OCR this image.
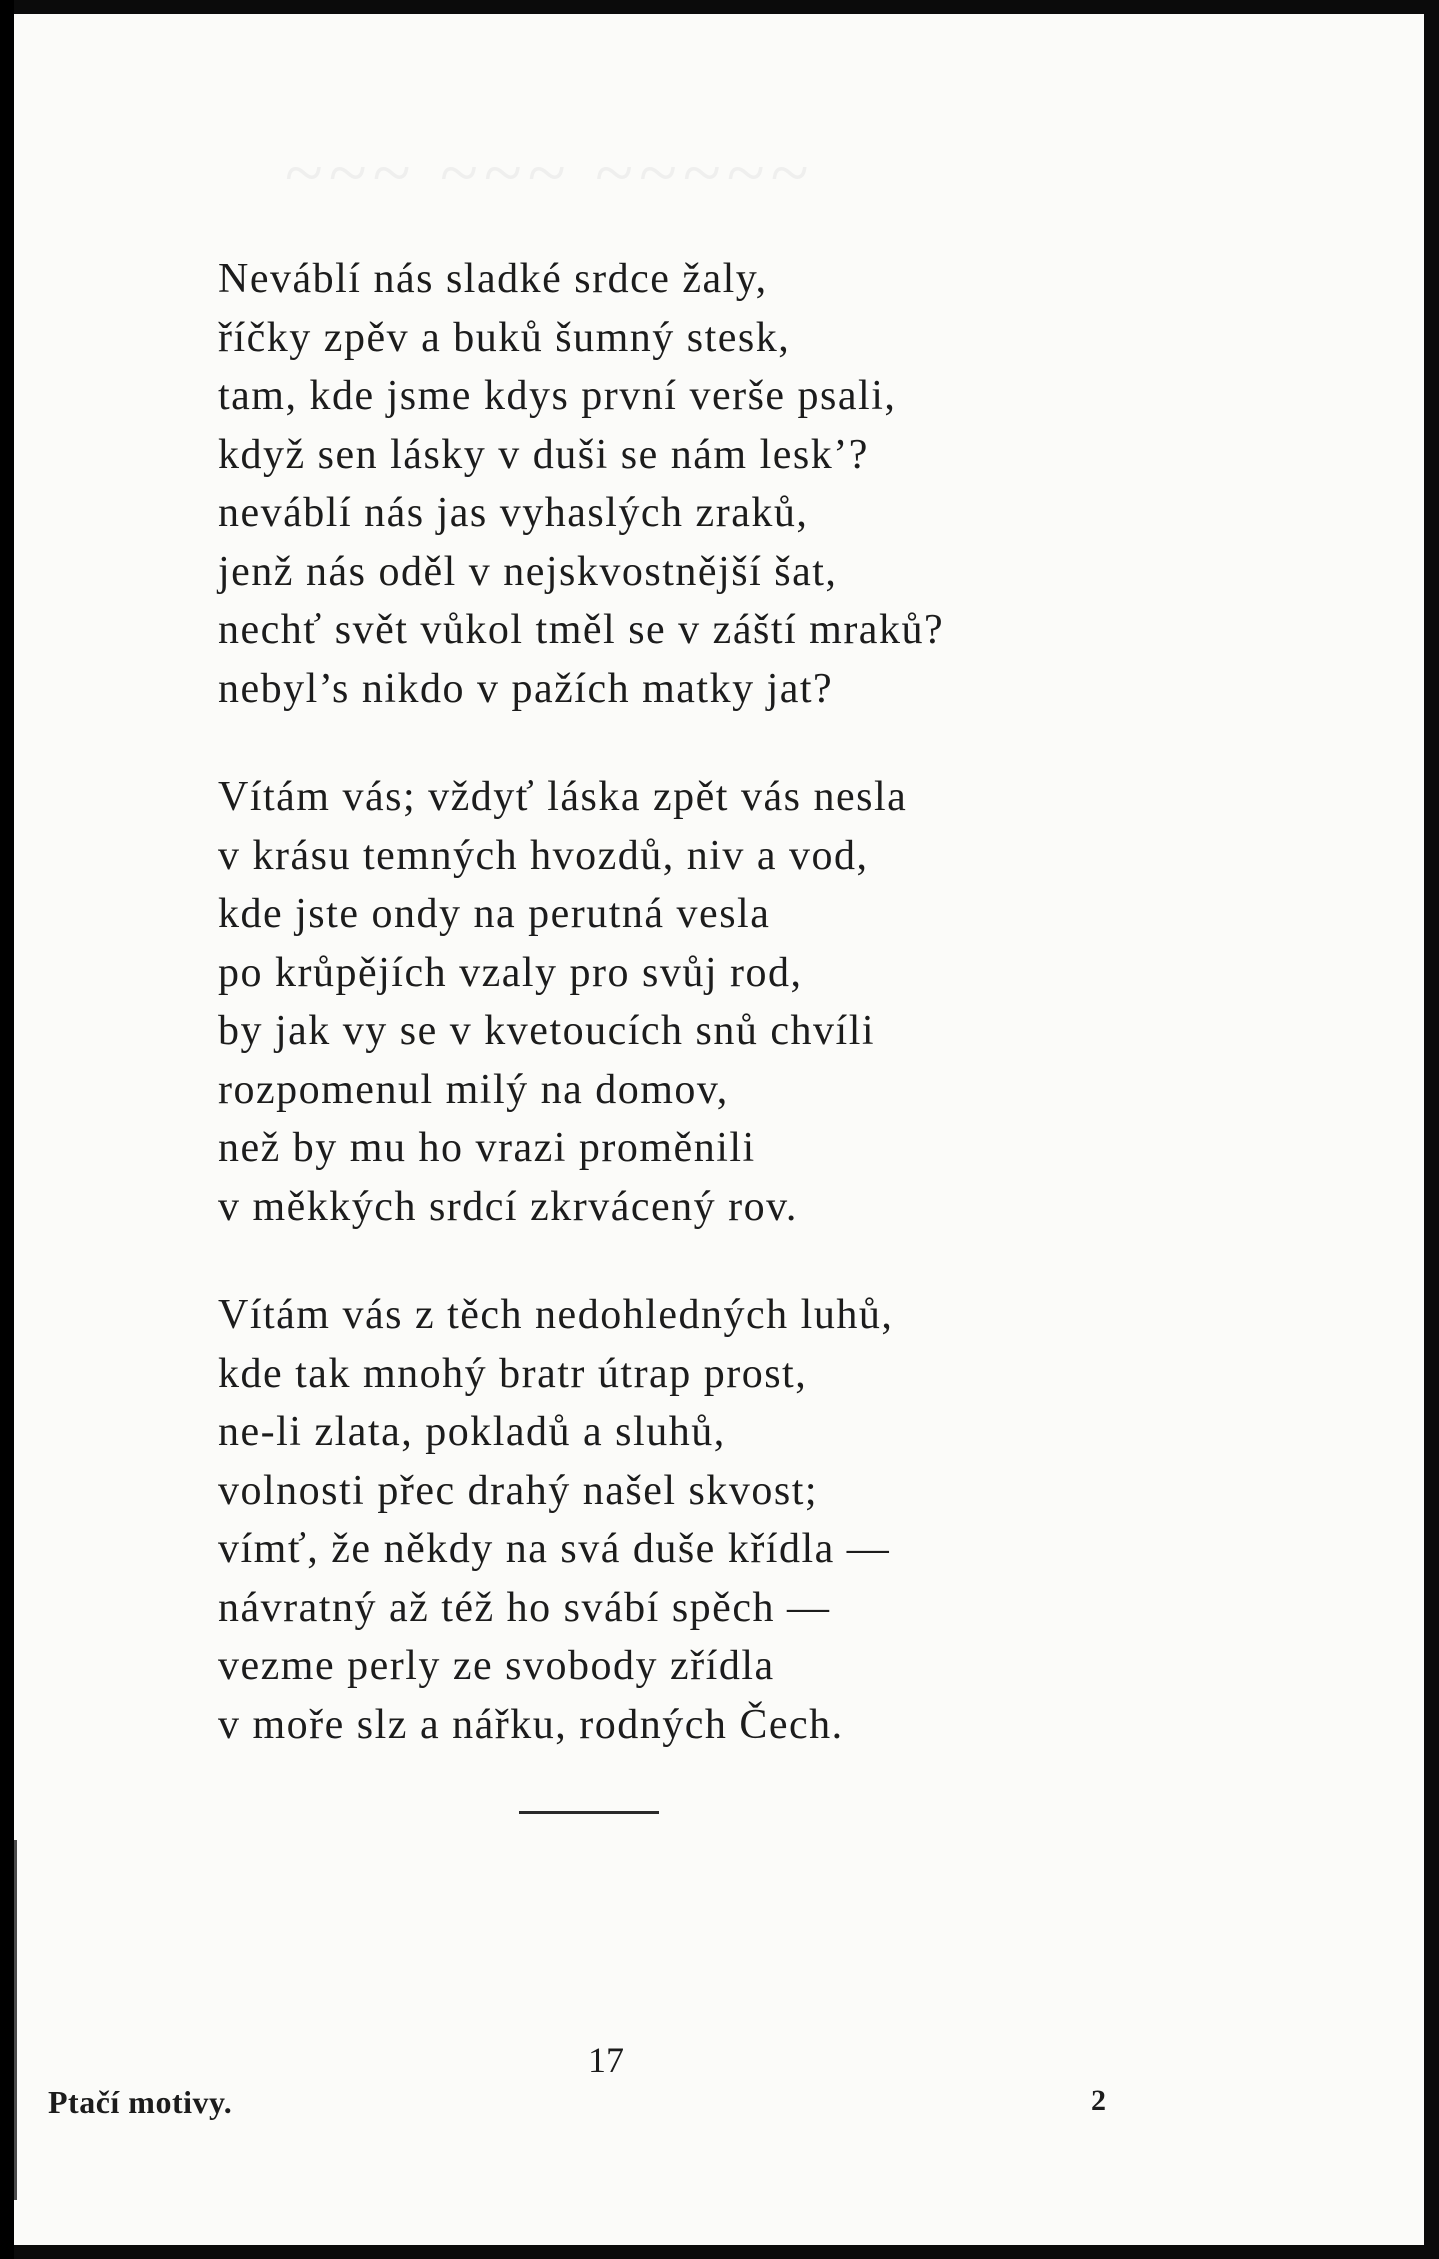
~~~ ~~~ ~~~~~
Neváblí nás sladké srdce žaly,
říčky zpěv a buků šumný stesk,
tam, kde jsme kdys první verše psali,
když sen lásky v duši se nám lesk’?
neváblí nás jas vyhaslých zraků,
jenž nás oděl v nejskvostnější šat,
nechť svět vůkol tměl se v záští mraků?
nebyl’s nikdo v pažích matky jat?
Vítám vás; vždyť láska zpět vás nesla
v krásu temných hvozdů, niv a vod,
kde jste ondy na perutná vesla
po krůpějích vzaly pro svůj rod,
by jak vy se v kvetoucích snů chvíli
rozpomenul milý na domov,
než by mu ho vrazi proměnili
v měkkých srdcí zkrvácený rov.
Vítám vás z těch nedohledných luhů,
kde tak mnohý bratr útrap prost,
ne-li zlata, pokladů a sluhů,
volnosti přec drahý našel skvost;
vímť, že někdy na svá duše křídla —
návratný až též ho svábí spěch —
vezme perly ze svobody zřídla
v moře slz a nářku, rodných Čech.
17
Ptačí motivy.	2
